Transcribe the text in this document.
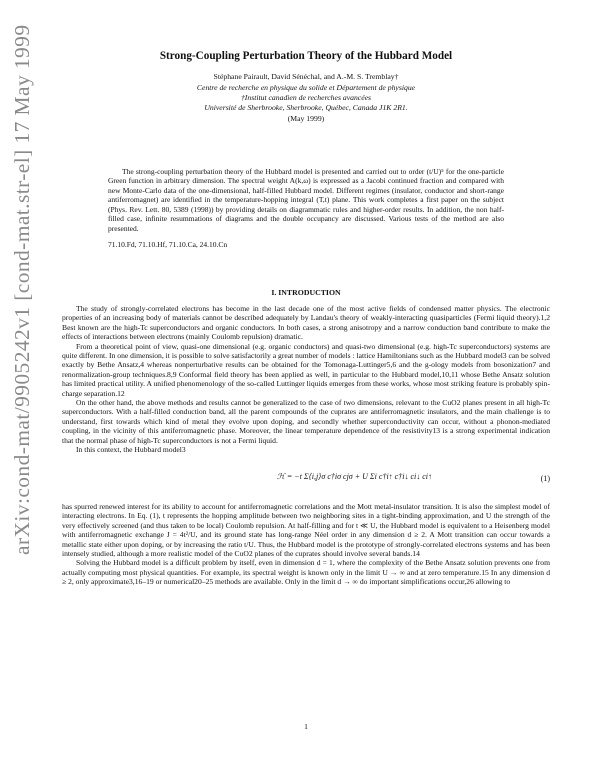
arXiv:cond-mat/9905242v1 [cond-mat.str-el] 17 May 1999	Strong-Coupling Perturbation Theory of the Hubbard Model
Stéphane Pairault, David Sénéchal, and A.-M. S. Tremblay†
Centre de recherche en physique du solide et Département de physique
†Institut canadien de recherches avancées
Université de Sherbrooke, Sherbrooke, Québec, Canada J1K 2R1.
(May 1999)

The strong-coupling perturbation theory of the Hubbard model is presented and carried out to order (t/U)⁵ for the one-particle Green function in arbitrary dimension. The spectral weight A(k,ω) is expressed as a Jacobi continued fraction and compared with new Monte-Carlo data of the one-dimensional, half-filled Hubbard model. Different regimes (insulator, conductor and short-range antiferromagnet) are identified in the temperature-hopping integral (T,t) plane. This work completes a first paper on the subject (Phys. Rev. Lett. 80, 5389 (1998)) by providing details on diagrammatic rules and higher-order results. In addition, the non half-filled case, infinite resummations of diagrams and the double occupancy are discussed. Various tests of the method are also presented.

71.10.Fd, 71.10.Hf, 71.10.Ca, 24.10.Cn
I. INTRODUCTION

The study of strongly-correlated electrons has become in the last decade one of the most active fields of condensed matter physics. The electronic properties of an increasing body of materials cannot be described adequately by Landau's theory of weakly-interacting quasiparticles (Fermi liquid theory).1,2 Best known are the high-Tc superconductors and organic conductors. In both cases, a strong anisotropy and a narrow conduction band contribute to make the effects of interactions between electrons (mainly Coulomb repulsion) dramatic.

From a theoretical point of view, quasi-one dimensional (e.g. organic conductors) and quasi-two dimensional (e.g. high-Tc superconductors) systems are quite different. In one dimension, it is possible to solve satisfactorily a great number of models : lattice Hamiltonians such as the Hubbard model3 can be solved exactly by Bethe Ansatz,4 whereas nonperturbative results can be obtained for the Tomonaga-Luttinger5,6 and the g-ology models from bosonization7 and renormalization-group techniques.8,9 Conformal field theory has been applied as well, in particular to the Hubbard model,10,11 whose Bethe Ansatz solution has limited practical utility. A unified phenomenology of the so-called Luttinger liquids emerges from these works, whose most striking feature is probably spin-charge separation.12

On the other hand, the above methods and results cannot be generalized to the case of two dimensions, relevant to the CuO2 planes present in all high-Tc superconductors. With a half-filled conduction band, all the parent compounds of the cuprates are antiferromagnetic insulators, and the main challenge is to understand, first towards which kind of metal they evolve upon doping, and secondly whether superconductivity can occur, without a phonon-mediated coupling, in the vicinity of this antiferromagnetic phase. Moreover, the linear temperature dependence of the resistivity13 is a strong experimental indication that the normal phase of high-Tc superconductors is not a Fermi liquid.

In this context, the Hubbard model3

ℋ = −t Σ⟨i,j⟩σ c†iσ cjσ + U Σi c†i↑ c†i↓ ci↓ ci↑	(1)

has spurred renewed interest for its ability to account for antiferromagnetic correlations and the Mott metal-insulator transition. It is also the simplest model of interacting electrons. In Eq. (1), t represents the hopping amplitude between two neighboring sites in a tight-binding approximation, and U the strength of the very effectively screened (and thus taken to be local) Coulomb repulsion. At half-filling and for t ≪ U, the Hubbard model is equivalent to a Heisenberg model with antiferromagnetic exchange J = 4t²/U, and its ground state has long-range Néel order in any dimension d ≥ 2. A Mott transition can occur towards a metallic state either upon doping, or by increasing the ratio t/U. Thus, the Hubbard model is the prototype of strongly-correlated electrons systems and has been intensely studied, although a more realistic model of the CuO2 planes of the cuprates should involve several bands.14

Solving the Hubbard model is a difficult problem by itself, even in dimension d = 1, where the complexity of the Bethe Ansatz solution prevents one from actually computing most physical quantities. For example, its spectral weight is known only in the limit U → ∞ and at zero temperature.15 In any dimension d ≥ 2, only approximate3,16–19 or numerical20–25 methods are available. Only in the limit d → ∞ do important simplifications occur,26 allowing to

1
